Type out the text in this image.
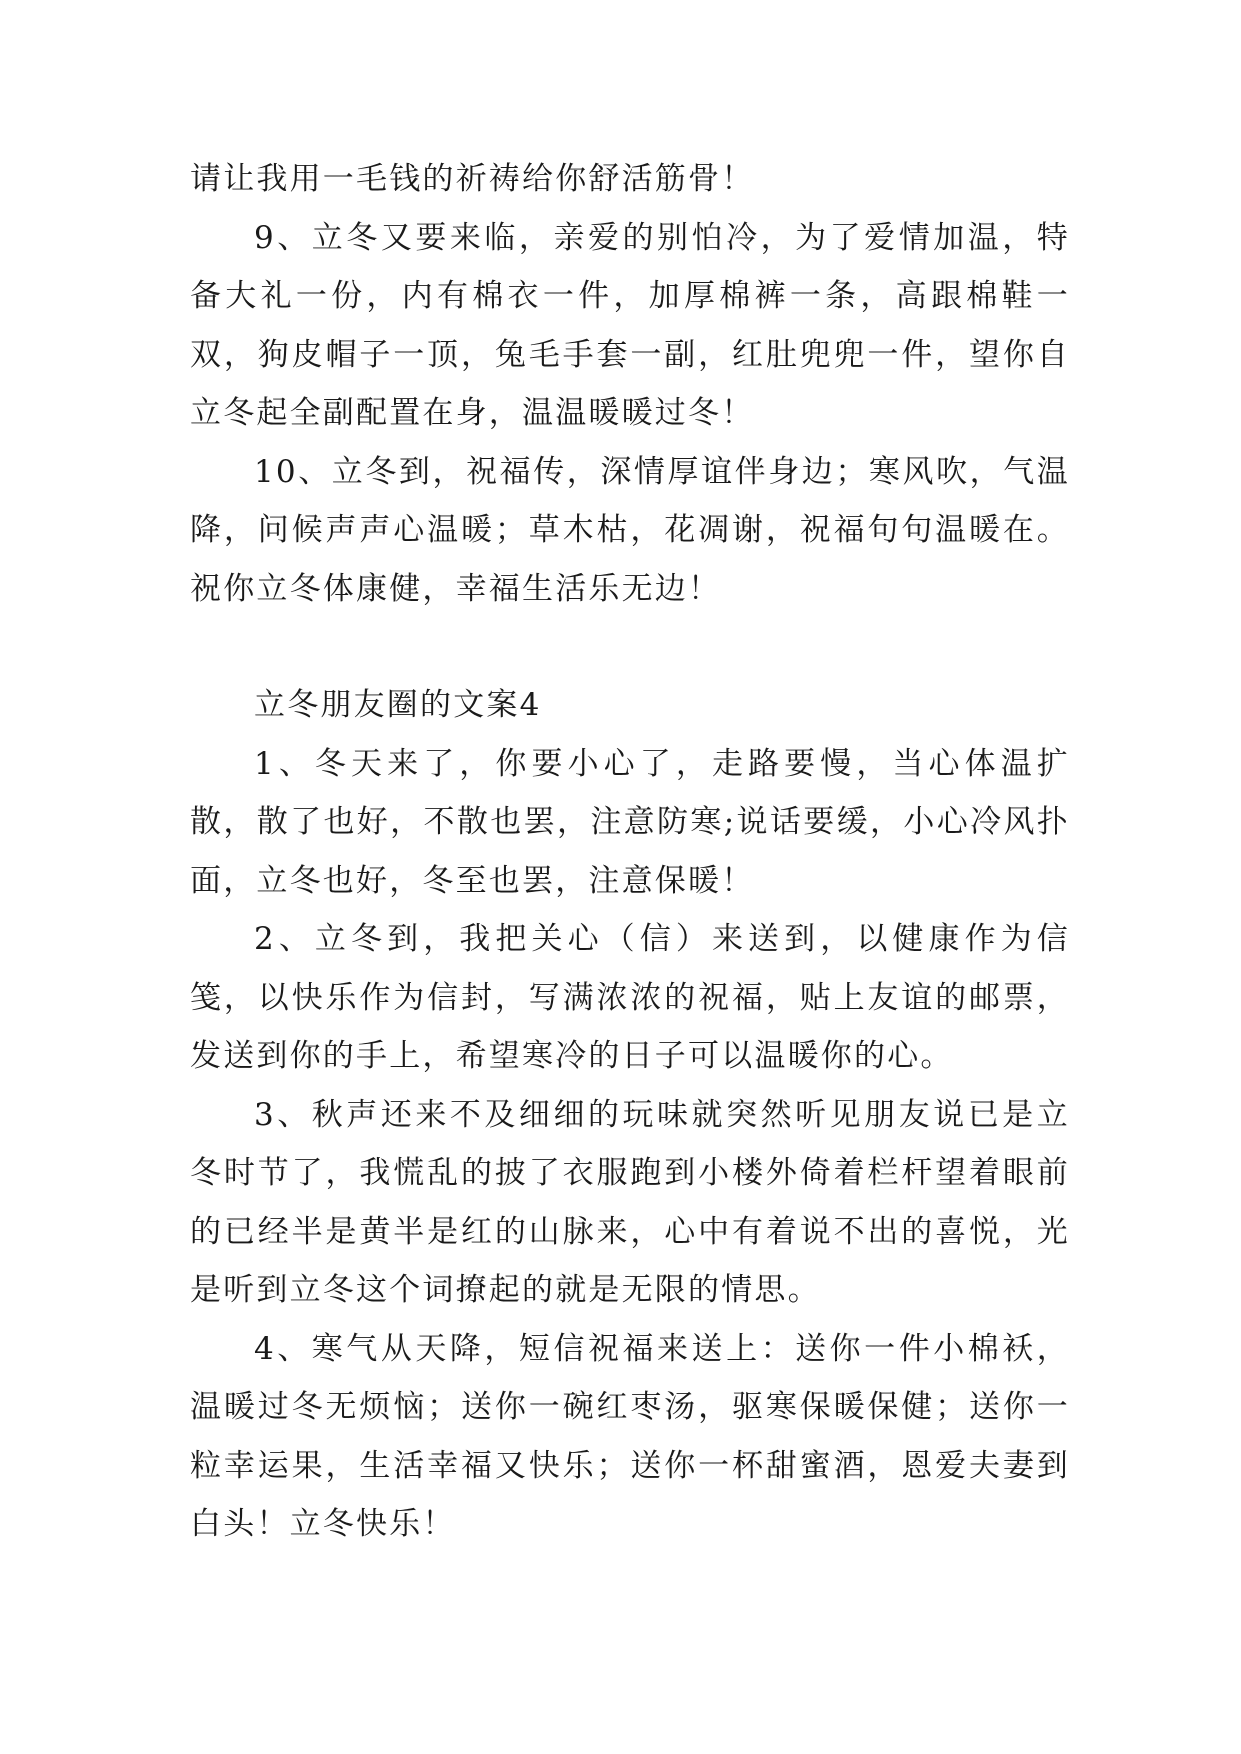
请让我用一毛钱的祈祷给你舒活筋骨！

9、立冬又要来临，亲爱的别怕冷，为了爱情加温，特备大礼一份，内有棉衣一件，加厚棉裤一条，高跟棉鞋一双，狗皮帽子一顶，兔毛手套一副，红肚兜兜一件，望你自立冬起全副配置在身，温温暖暖过冬！

10、立冬到，祝福传，深情厚谊伴身边；寒风吹，气温降，问候声声心温暖；草木枯，花凋谢，祝福句句温暖在。祝你立冬体康健，幸福生活乐无边！

立冬朋友圈的文案4

1、冬天来了，你要小心了，走路要慢，当心体温扩散，散了也好，不散也罢，注意防寒;说话要缓，小心冷风扑面，立冬也好，冬至也罢，注意保暖！

2、立冬到，我把关心（信）来送到，以健康作为信笺，以快乐作为信封，写满浓浓的祝福，贴上友谊的邮票，发送到你的手上，希望寒冷的日子可以温暖你的心。

3、秋声还来不及细细的玩味就突然听见朋友说已是立冬时节了，我慌乱的披了衣服跑到小楼外倚着栏杆望着眼前的已经半是黄半是红的山脉来，心中有着说不出的喜悦，光是听到立冬这个词撩起的就是无限的情思。

4、寒气从天降，短信祝福来送上：送你一件小棉袄，温暖过冬无烦恼；送你一碗红枣汤，驱寒保暖保健；送你一粒幸运果，生活幸福又快乐；送你一杯甜蜜酒，恩爱夫妻到白头！立冬快乐！
